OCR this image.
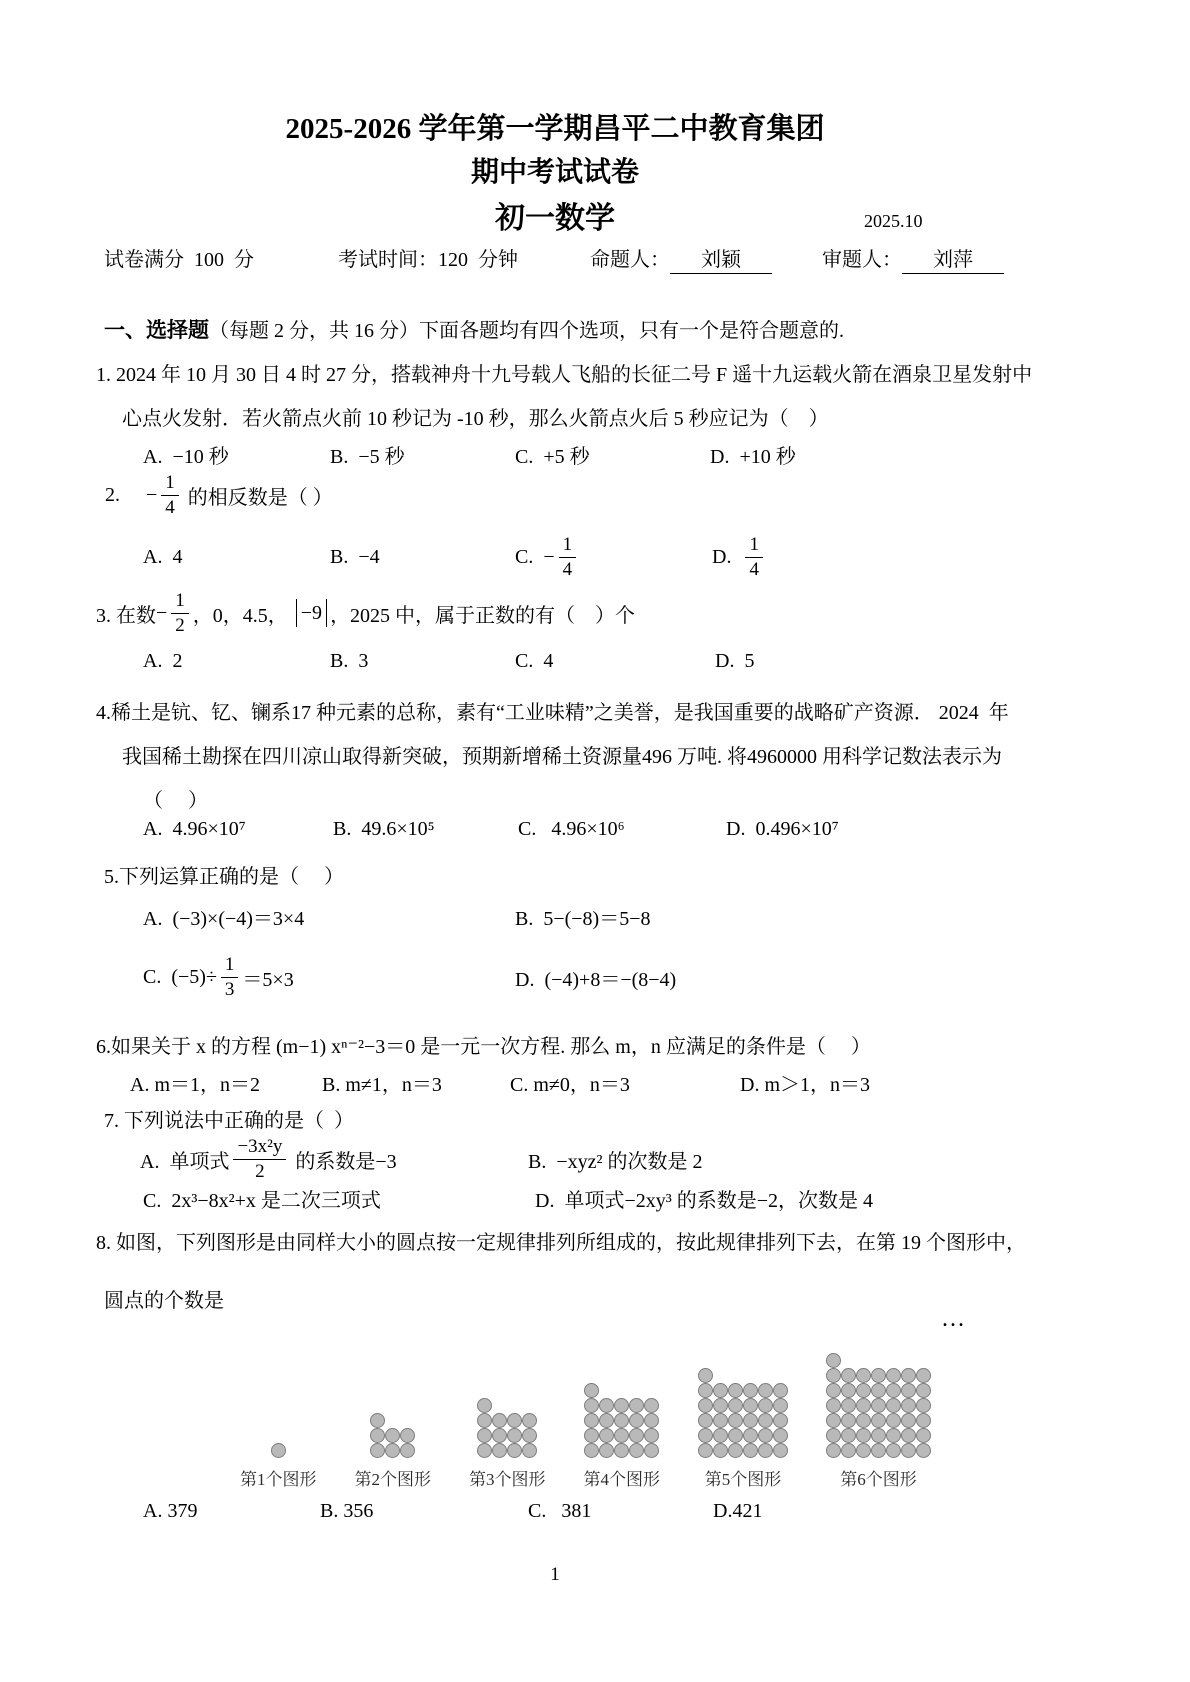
2025-2026 学年第一学期昌平二中教育集团
期中考试试卷
初一数学	2025.10
试卷满分  100  分	考试时间：120  分钟	命题人： 刘颖	审题人： 刘萍
一、选择题（每题 2 分，共 16 分）下面各题均有四个选项，只有一个是符合题意的.
1. 2024 年 10 月 30 日 4 时 27 分，搭载神舟十九号载人飞船的长征二号 F 遥十九运载火箭在酒泉卫星发射中
心点火发射．若火箭点火前 10 秒记为 -10 秒，那么火箭点火后 5 秒应记为（    ）
A.  −10 秒	B.  −5 秒	C.  +5 秒	D.  +10 秒
2. − $\frac{1}{4}$ 的相反数是（ ）
A.  4	B.  −4	C. − $\frac{1}{4}$	D. $\frac{1}{4}$
3. 在数 − $\frac{1}{2}$ ，0，4.5， −9 ，2025 中，属于正数的有（    ）个
A.  2	B.  3	C.  4	D.  5
4.稀土是钪、钇、镧系17 种元素的总称，素有“工业味精”之美誉，是我国重要的战略矿产资源． 2024  年
我国稀土勘探在四川凉山取得新突破，预期新增稀土资源量496 万吨. 将4960000 用科学记数法表示为
（     ）
A.  4.96×10⁷	B.  49.6×10⁵	C.   4.96×10⁶	D.  0.496×10⁷
5.下列运算正确的是（     ）
A.  (−3)×(−4)＝3×4	B.  5−(−8)＝5−8
C.  $(-5)\div \frac{1}{3} =5\times 3$	D.  (−4)+8＝−(8−4)
6.如果关于 x 的方程 (m−1) xⁿ⁻²−3＝0 是一元一次方程. 那么 m，n 应满足的条件是（     ）
A. m＝1，n＝2	B. m≠1，n＝3	C. m≠0，n＝3	D. m＞1，n＝3
7. 下列说法中正确的是（  ）
A.  单项式 $\frac{\text{−3x²y}}{2}$ 的系数是−3	B.  −xyz² 的次数是 2
C.  2x³−8x²+x 是二次三项式	D.  单项式−2xy³ 的系数是−2，次数是 4
8. 如图，下列图形是由同样大小的圆点按一定规律排列所组成的，按此规律排列下去，在第 19 个图形中，
圆点的个数是
第1个图形 第2个图形 第3个图形 第4个图形	第5个图形	第6个图形
...
A. 379	B. 356	C.   381	D.421
1
